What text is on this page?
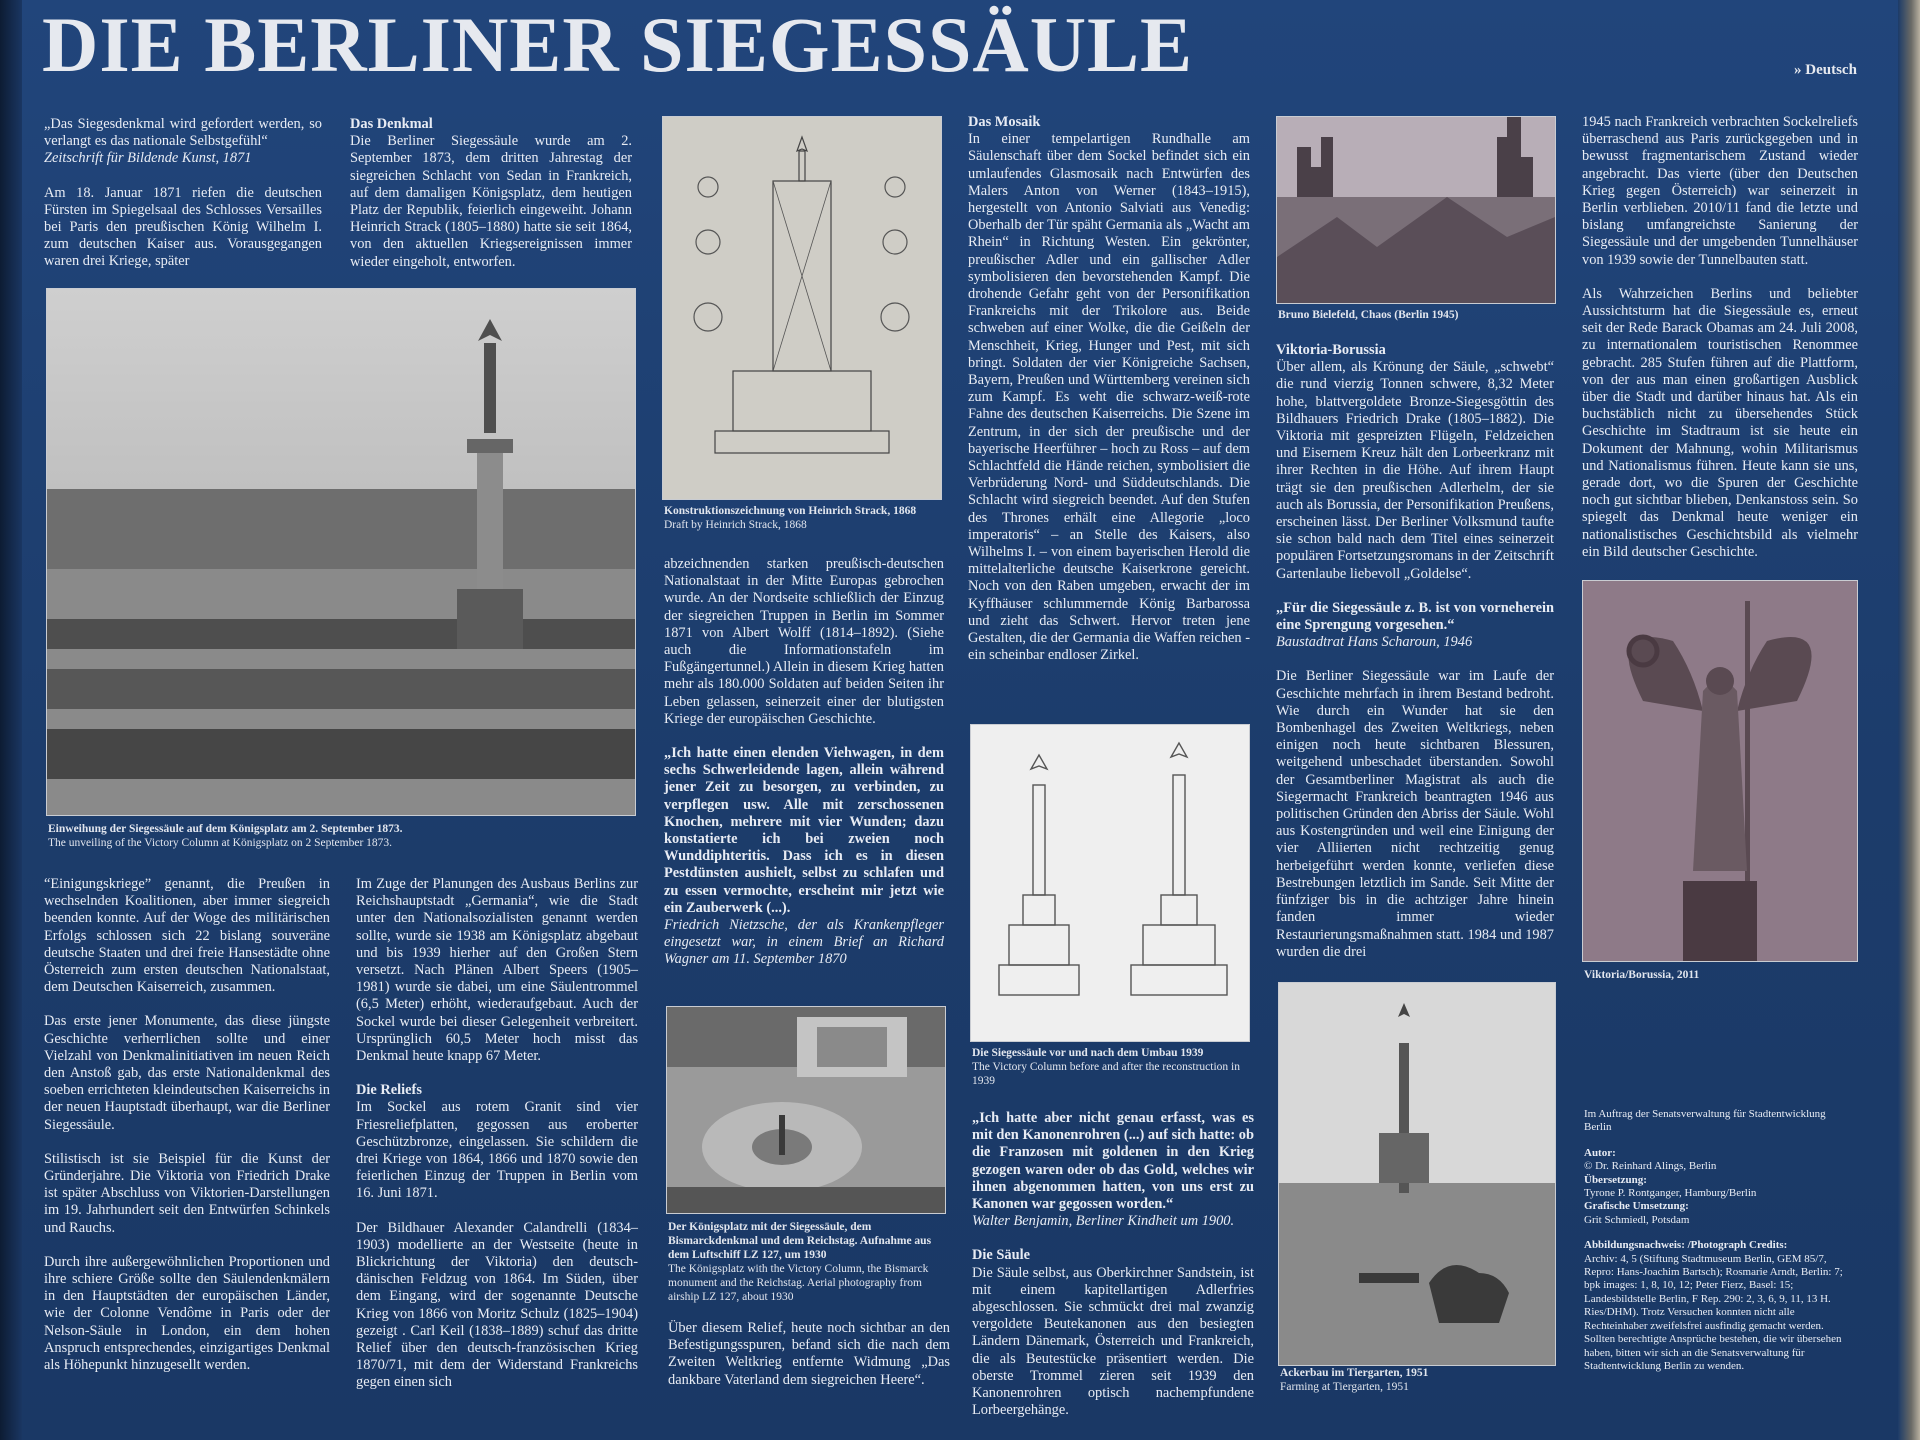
DIE BERLINER SIEGESSÄULE	» Deutsch

„Das Siegesdenkmal wird gefordert werden, so verlangt es das nationale Selbstgefühl“
Zeitschrift für Bildende Kunst, 1871

Am 18. Januar 1871 riefen die deutschen Fürsten im Spiegelsaal des Schlosses Versailles bei Paris den preußischen König Wilhelm I. zum deutschen Kaiser aus. Vorausgegangen waren drei Kriege, später

Das Denkmal
Die Berliner Siegessäule wurde am 2. September 1873, dem dritten Jahrestag der siegreichen Schlacht von Sedan in Frankreich, auf dem damaligen Königsplatz, dem heutigen Platz der Republik, feierlich eingeweiht. Johann Heinrich Strack (1805–1880) hatte sie seit 1864, von den aktuellen Kriegsereignissen immer wieder eingeholt, entworfen.
Einweihung der Siegessäule auf dem Königsplatz am 2. September 1873.
The unveiling of the Victory Column at Königsplatz on 2 September 1873.

“Einigungskriege” genannt, die Preußen in wechselnden Koalitionen, aber immer siegreich beenden konnte. Auf der Woge des militärischen Erfolgs schlossen sich 22 bislang souveräne deutsche Staaten und drei freie Hansestädte ohne Österreich zum ersten deutschen Nationalstaat, dem Deutschen Kaiserreich, zusammen.

Das erste jener Monumente, das diese jüngste Geschichte verherrlichen sollte und einer Vielzahl von Denkmalinitiativen im neuen Reich den Anstoß gab, das erste Nationaldenkmal des soeben errichteten kleindeutschen Kaiserreichs in der neuen Hauptstadt überhaupt, war die Berliner Siegessäule.

Stilistisch ist sie Beispiel für die Kunst der Gründerjahre. Die Viktoria von Friedrich Drake ist später Abschluss von Viktorien-Darstellungen im 19. Jahrhundert seit den Entwürfen Schinkels und Rauchs.

Durch ihre außergewöhnlichen Proportionen und ihre schiere Größe sollte den Säulendenkmälern in den Hauptstädten der europäischen Länder, wie der Colonne Vendôme in Paris oder der Nelson-Säule in London, ein dem hohen Anspruch entsprechendes, einzigartiges Denkmal als Höhepunkt hinzugesellt werden.

Im Zuge der Planungen des Ausbaus Berlins zur Reichshauptstadt „Germania“, wie die Stadt unter den Nationalsozialisten genannt werden sollte, wurde sie 1938 am Königsplatz abgebaut und bis 1939 hierher auf den Großen Stern versetzt. Nach Plänen Albert Speers (1905–1981) wurde sie dabei, um eine Säulentrommel (6,5 Meter) erhöht, wiederaufgebaut. Auch der Sockel wurde bei dieser Gelegenheit verbreitert. Ursprünglich 60,5 Meter hoch misst das Denkmal heute knapp 67 Meter.

Die Reliefs

Im Sockel aus rotem Granit sind vier Friesreliefplatten, gegossen aus eroberter Geschützbronze, eingelassen. Sie schildern die drei Kriege von 1864, 1866 und 1870 sowie den feierlichen Einzug der Truppen in Berlin vom 16. Juni 1871.

Der Bildhauer Alexander Calandrelli (1834–1903) modellierte an der Westseite (heute in Blickrichtung der Viktoria) den deutsch-dänischen Feldzug von 1864. Im Süden, über dem Eingang, wird der sogenannte Deutsche Krieg von 1866 von Moritz Schulz (1825–1904) gezeigt . Carl Keil (1838–1889) schuf das dritte Relief über den deutsch-französischen Krieg 1870/71, mit dem der Widerstand Frankreichs gegen einen sich

Konstruktionszeichnung von Heinrich Strack, 1868
Draft by Heinrich Strack, 1868

abzeichnenden starken preußisch-deutschen Nationalstaat in der Mitte Europas gebrochen wurde. An der Nordseite schließlich der Einzug der siegreichen Truppen in Berlin im Sommer 1871 von Albert Wolff (1814–1892). (Siehe auch die Informationstafeln im Fußgängertunnel.) Allein in diesem Krieg hatten mehr als 180.000 Soldaten auf beiden Seiten ihr Leben gelassen, seinerzeit einer der blutigsten Kriege der europäischen Geschichte.

„Ich hatte einen elenden Viehwagen, in dem sechs Schwerleidende lagen, allein während jener Zeit zu besorgen, zu verbinden, zu verpflegen usw. Alle mit zerschossenen Knochen, mehrere mit vier Wunden; dazu konstatierte ich bei zweien noch Wunddiphteritis. Dass ich es in diesen Pestdünsten aushielt, selbst zu schlafen und zu essen vermochte, erscheint mir jetzt wie ein Zauberwerk (...).
Friedrich Nietzsche, der als Krankenpfleger eingesetzt war, in einem Brief an Richard Wagner am 11. September 1870

Der Königsplatz mit der Siegessäule, dem Bismarckdenkmal und dem Reichstag. Aufnahme aus dem Luftschiff LZ 127, um 1930
The Königsplatz with the Victory Column, the Bismarck monument and the Reichstag. Aerial photography from airship LZ 127, about 1930

Über diesem Relief, heute noch sichtbar an den Befestigungsspuren, befand sich die nach dem Zweiten Weltkrieg entfernte Widmung „Das dankbare Vaterland dem siegreichen Heere“.

Das Mosaik
In einer tempelartigen Rundhalle am Säulenschaft über dem Sockel befindet sich ein umlaufendes Glasmosaik nach Entwürfen des Malers Anton von Werner (1843–1915), hergestellt von Antonio Salviati aus Venedig: Oberhalb der Tür späht Germania als „Wacht am Rhein“ in Richtung Westen. Ein gekrönter, preußischer Adler und ein gallischer Adler symbolisieren den bevorstehenden Kampf. Die drohende Gefahr geht von der Personifikation Frankreichs mit der Trikolore aus. Beide schweben auf einer Wolke, die die Geißeln der Menschheit, Krieg, Hunger und Pest, mit sich bringt. Soldaten der vier Königreiche Sachsen, Bayern, Preußen und Württemberg vereinen sich zum Kampf. Es weht die schwarz-weiß-rote Fahne des deutschen Kaiserreichs. Die Szene im Zentrum, in der sich der preußische und der bayerische Heerführer – hoch zu Ross – auf dem Schlachtfeld die Hände reichen, symbolisiert die Verbrüderung Nord- und Süddeutschlands. Die Schlacht wird siegreich beendet. Auf den Stufen des Thrones erhält eine Allegorie „loco imperatoris“ – an Stelle des Kaisers, also Wilhelms I. – von einem bayerischen Herold die mittelalterliche deutsche Kaiserkrone gereicht. Noch von den Raben umgeben, erwacht der im Kyffhäuser schlummernde König Barbarossa und zieht das Schwert. Hervor treten jene Gestalten, die der Germania die Waffen reichen - ein scheinbar endloser Zirkel.
Die Siegessäule vor und nach dem Umbau 1939
The Victory Column before and after the reconstruction in 1939

„Ich hatte aber nicht genau erfasst, was es mit den Kanonenrohren (...) auf sich hatte: ob die Franzosen mit goldenen in den Krieg gezogen waren oder ob das Gold, welches wir ihnen abgenommen hatten, von uns erst zu Kanonen war gegossen worden.“
Walter Benjamin, Berliner Kindheit um 1900.

Die Säule
Die Säule selbst, aus Oberkirchner Sandstein, ist mit einem kapitellartigen Adlerfries abgeschlossen. Sie schmückt drei mal zwanzig vergoldete Beutekanonen aus den besiegten Ländern Dänemark, Österreich und Frankreich, die als Beutestücke präsentiert werden. Die oberste Trommel zieren seit 1939 den Kanonenrohren optisch nachempfundene Lorbeergehänge.
Bruno Bielefeld, Chaos (Berlin 1945)
Viktoria-Borussia

Über allem, als Krönung der Säule, „schwebt“ die rund vierzig Tonnen schwere, 8,32 Meter hohe, blattvergoldete Bronze-Siegesgöttin des Bildhauers Friedrich Drake (1805–1882). Die Viktoria mit gespreizten Flügeln, Feldzeichen und Eisernem Kreuz hält den Lorbeerkranz mit ihrer Rechten in die Höhe. Auf ihrem Haupt trägt sie den preußischen Adlerhelm, der sie auch als Borussia, der Personifikation Preußens, erscheinen lässt. Der Berliner Volksmund taufte sie schon bald nach dem Titel eines seinerzeit populären Fortsetzungsromans in der Zeitschrift Gartenlaube liebevoll „Goldelse“.

„Für die Siegessäule z. B. ist von vorneherein eine Sprengung vorgesehen.“
Baustadtrat Hans Scharoun, 1946

Die Berliner Siegessäule war im Laufe der Geschichte mehrfach in ihrem Bestand bedroht. Wie durch ein Wunder hat sie den Bombenhagel des Zweiten Weltkriegs, neben einigen noch heute sichtbaren Blessuren, weitgehend unbeschadet überstanden. Sowohl der Gesamtberliner Magistrat als auch die Siegermacht Frankreich beantragten 1946 aus politischen Gründen den Abriss der Säule. Wohl aus Kostengründen und weil eine Einigung der vier Alliierten nicht rechtzeitig genug herbeigeführt werden konnte, verliefen diese Bestrebungen letztlich im Sande. Seit Mitte der fünfziger bis in die achtziger Jahre hinein fanden immer wieder Restaurierungsmaßnahmen statt. 1984 und 1987 wurden die drei

Ackerbau im Tiergarten, 1951
Farming at Tiergarten, 1951

1945 nach Frankreich verbrachten Sockelreliefs überraschend aus Paris zurückgegeben und in bewusst fragmentarischem Zustand wieder angebracht. Das vierte (über den Deutschen Krieg gegen Österreich) war seinerzeit in Berlin verblieben. 2010/11 fand die letzte und bislang umfangreichste Sanierung der Siegessäule und der umgebenden Tunnelhäuser von 1939 sowie der Tunnelbauten statt.

Als Wahrzeichen Berlins und beliebter Aussichtsturm hat die Siegessäule es, erneut seit der Rede Barack Obamas am 24. Juli 2008, zu internationalem touristischen Renommee gebracht. 285 Stufen führen auf die Plattform, von der aus man einen großartigen Ausblick über die Stadt und darüber hinaus hat. Als ein buchstäblich nicht zu übersehendes Stück Geschichte im Stadtraum ist sie heute ein Dokument der Mahnung, wohin Militarismus und Nationalismus führen. Heute kann sie uns, gerade dort, wo die Spuren der Geschichte noch gut sichtbar blieben, Denkanstoss sein. So spiegelt das Denkmal heute weniger ein nationalistisches Geschichtsbild als vielmehr ein Bild deutscher Geschichte.

Viktoria/Borussia, 2011
Im Auftrag der Senatsverwaltung für Stadtentwicklung Berlin
Autor:
© Dr. Reinhard Alings, Berlin
Übersetzung:
Tyrone P. Rontganger, Hamburg/Berlin
Grafische Umsetzung:
Grit Schmiedl, Potsdam
Abbildungsnachweis: /Photograph Credits:
Archiv: 4, 5 (Stiftung Stadtmuseum Berlin, GEM 85/7, Repro: Hans-Joachim Bartsch); Rosmarie Arndt, Berlin: 7; bpk images: 1, 8, 10, 12; Peter Fierz, Basel: 15; Landesbildstelle Berlin, F Rep. 290: 2, 3, 6, 9, 11, 13 H. Ries/DHM). Trotz Versuchen konnten nicht alle Rechteinhaber zweifelsfrei ausfindig gemacht werden. Sollten berechtigte Ansprüche bestehen, die wir übersehen haben, bitten wir sich an die Senatsverwaltung für Stadtentwicklung Berlin zu wenden.
